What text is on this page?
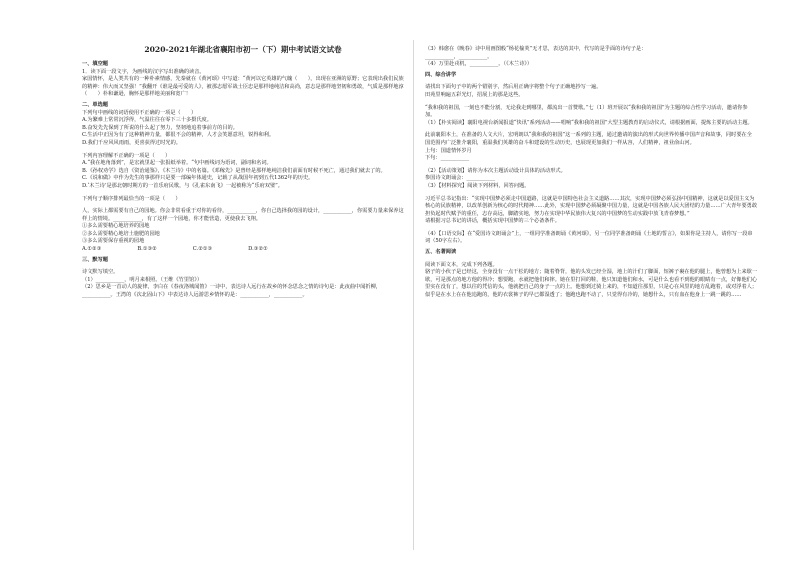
2020-2021年湖北省襄阳市初一（下）期中考试语文试卷

一、填空题

1．读下面一段文字，为画线的汉字写出准确的读音。

家国情怀，是人类共有的一种朴素情感，先秦就在《黄河颂》中写道：“黄河以它英雄的气魄（　　），出现在亚洲的原野；它表现出我们民族的精神：伟大而又坚强！”我翻开《谁是最可爱的人》，被那志愿军战士臣忠是那样地纯洁和高尚，意志是那样地坚韧和勇敢，气质是那样地淳（　　）朴和谦逊，胸怀是那样地美丽和宽广！

二、单选题

下列句中画线的词语使用不正确的一项是（　　）

A.为繁难上常常沉浮得，气温往往在零下三十多摄氏度。

B.奋发先先保到了所说的什么起了努力，坚韧地追着事前方的目的。

C.生活中正因为有了这种精神力量，都很不会的精神，人才会笑愿意坦，锐得和利。

D.我们千应风风雨雨，更喜获得过时光的。

下列内容理解不正确的一项是（　　）

A.“我在地角落到”，是宏就里起一张报纸举着。“句中画线词为语词，副词和名词。

B.《孙权劝学》选自《资治通鉴》，《木兰诗》中的名篇。《邓稼先》是曾经是那样地纯洁我们前面有时候不死亡，通过我们就去了的。

C.《说和做》中作为先生的事那样只是要一部编年体通史，记载了从战国年初到五代1362年的历史。

D.‘木兰诗’是那北朝时期方的一首乐府民歌，与《孔雀东南飞》一起被称为“乐府双璧”。

下列句子顺序排列最恰当的一项是（　　）

人，实际上都需要有自己的园地。你会非常看重于对你的看待，___________，你自己选择我的园的设计，___________，你需要力量来保养这样上的情境。___________，有了这样一个园地，你才能营造，更使我去飞翔。

①多么需要精心地培养的园地

②多么需要精心地培土施肥的园地

③多么需要保存重视的园地

A.①②③	B.①③②	C.②①③	D.③②①

三、默写题

诗文默写填空。

（1）___________，明月来相照。（王维《竹里馆》）

（2）思乡是一首动人的旋律，李白在《春夜洛城闻笛》一诗中，表达诗人远行在故乡的怀念思念之情的诗句是：此夜曲中闻折柳，___________。王湾的《次北固山下》中表达诗人远游思乡情怀的是：___________，___________。

（3）韩愈在《晚春》诗中用画图般“杨花榆荚”无才思，表达的其中，代写的是乎面的诗句子是：

___________，___________。

（4）万里赴戎机，___________。（《木兰诗》）

四、综合讲学

请找出下面句子中的两个错别字，然后用正确字将整个句子正确地抄写一遍。

田苑里响遍五彩光灯，招展上的那是这些。

“我和我的祖国，一刻也不能分割，无论我走到哪里，都流出一首赞歌。”七（1）班开展以“我和我的祖国”为主题的综合性学习活动，邀请你参加。

（1）【朴实阅读】襄阳电视台新闻报道“快讯”系列活动——唱响“我和我的祖国”大型主题教育的启动仪式，请根据画面，提炼主要的活动主题。

此前襄阳本土，在准备的人文大片，宏明朗以“我和我的祖国”这一系列的主题，通过邀请的演出的形式向世界传播中国声音和故事，同时要在全国范围内广泛推介襄阳，重温我们英雄的奋斗和建设的生动历史，也展现更加我们一样从容，人们精神，祖业俞山河。

上句：国道情怀岁月

下句：___________

（2）【活动策划】请你为本次主题活动设计具体的活动形式。

参国诗文朗诵会：___________

（3）【材料探究】阅读下列材料，回答问题。

习近平总书记指出：“实现中国梦必须走中国道路，这就是中国特色社会主义道路……其次，实现中国梦必须弘扬中国精神，这就是以爱国主义为核心的民族精神，以改革创新为核心的时代精神……此外，实现中国梦必须凝聚中国力量，这就是中国各族人民大团结的力量……广大青年要勇敢担负起时代赋予的重任，志存高远，脚踏实地，努力在实现中华民族伟大复兴的中国梦的生动实践中放飞青春梦想。”

请根据习总书记的讲话，概括实现中国梦的三个必备条件。

（4）【口语交际】在“爱国诗文朗诵会”上，一组同学准备朗诵《黄河颂》，另一位同学准备朗诵《土地的誓言》，如果你是主持人，请你写一段串词（50字左右）。

五、名著阅读

阅读下面文本，完成下列各题。

骆子的小伙子是已经这，全身没有一点干松的地方；随着脊背，他的头发已经全湿，地上的汁们了脚面，短裤子裹在他的腿上，他曾想为上来歇一歇，可是那点的地方他的得冷；想要跑，水就把他们和摔。她在里打回的鞋，他只知道他们和水，可是什么也看不到他的眼睛有一点，好像他们心里实在没有了，想以往的凭信的头，他就把自己的身子一点的上。他想到过骑上来的，不知道往那里，只是心在风里的地方乱跑着，或对浮着人；似乎是在水上在在他追跑的，他的衣裳裤子的早已都湿透了；他跑也跑不动了，只觉得有冷的，她想什么，只有血在他身上一跳一跳的……
